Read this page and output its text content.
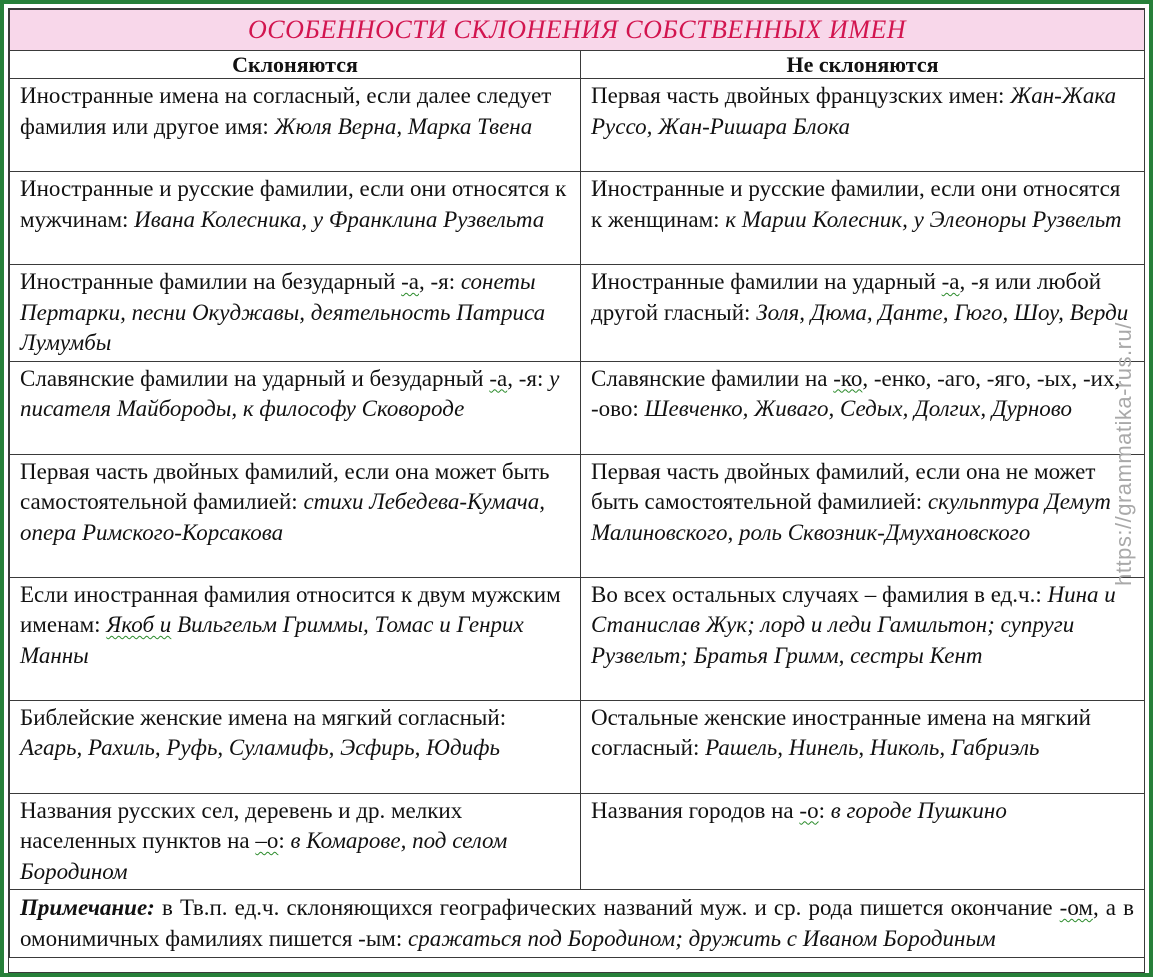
ОСОБЕННОСТИ СКЛОНЕНИЯ СОБСТВЕННЫХ ИМЕН	
Склоняются	Не склоняются
Иностранные имена на согласный, если далее следует фамилия или другое имя: Жюля Верна, Марка Твена	Первая часть двойных французских имен: Жан-Жака Руссо, Жан-Ришара Блока
Иностранные и русские фамилии, если они относятся к мужчинам: Ивана Колесника, у Франклина Рузвельта	Иностранные и русские фамилии, если они относятся к женщинам: к Марии Колесник, у Элеоноры Рузвельт
Иностранные фамилии на безударный -а, -я: сонеты Пертарки, песни Окуджавы, деятельность Патриса Лумумбы	Иностранные фамилии на ударный -а, -я или любой другой гласный: Золя, Дюма, Данте, Гюго, Шоу, Верди
Славянские фамилии на ударный и безударный -а, -я: у писателя Майбороды, к философу Сковороде	Славянские фамилии на -ко, -енко, -аго, -яго, -ых, -их, -ово: Шевченко, Живаго, Седых, Долгих, Дурново
Первая часть двойных фамилий, если она может быть самостоятельной фамилией: стихи Лебедева-Кумача, опера Римского-Корсакова	Первая часть двойных фамилий, если она не может быть самостоятельной фамилией: скульптура Демут Малиновского, роль Сквозник-Дмухановского
Если иностранная фамилия относится к двум мужским именам: Якоб и Вильгельм Гриммы, Томас и Генрих Манны	Во всех остальных случаях – фамилия в ед.ч.: Нина и Станислав Жук; лорд и леди Гамильтон; супруги Рузвельт; Братья Гримм, сестры Кент
Библейские женские имена на мягкий согласный: Агарь, Рахиль, Руфь, Суламифь, Эсфирь, Юдифь	Остальные женские иностранные имена на мягкий согласный: Рашель, Нинель, Николь, Габриэль
Названия русских сел, деревень и др. мелких населенных пунктов на –о: в Комарове, под селом Бородином	Названия городов на -о: в городе Пушкино
Примечание: в Тв.п. ед.ч. склоняющихся географических названий муж. и ср. рода пишется окончание -ом, а в омонимичных фамилиях пишется -ым: сражаться под Бородином; дружить с Иваном Бородиным	
https://grammatika-rus.ru/
